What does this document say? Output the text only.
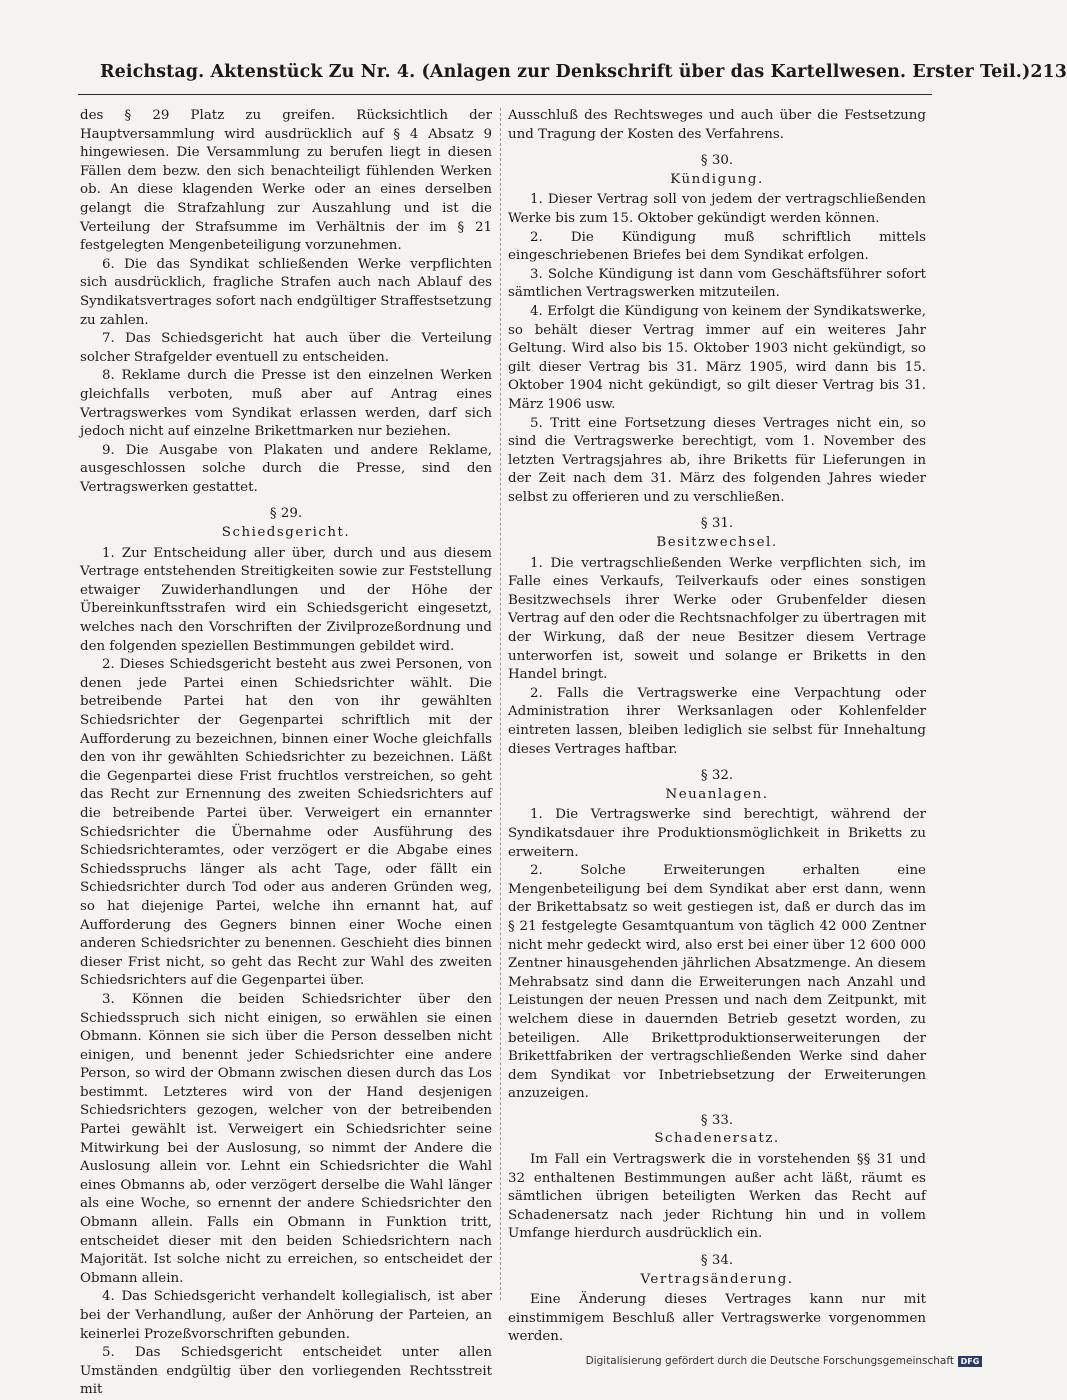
Reichstag. Aktenstück Zu Nr. 4. (Anlagen zur Denkschrift über das Kartellwesen. Erster Teil.) 213

des § 29 Platz zu greifen. Rücksichtlich der Hauptversammlung wird ausdrücklich auf § 4 Absatz 9 hingewiesen. Die Versammlung zu berufen liegt in diesen Fällen dem bezw. den sich benachteiligt fühlenden Werken ob. An diese klagenden Werke oder an eines derselben gelangt die Strafzahlung zur Auszahlung und ist die Verteilung der Strafsumme im Verhältnis der im § 21 festgelegten Mengenbeteiligung vorzunehmen.

6. Die das Syndikat schließenden Werke verpflichten sich ausdrücklich, fragliche Strafen auch nach Ablauf des Syndikatsvertrages sofort nach endgültiger Straffestsetzung zu zahlen.

7. Das Schiedsgericht hat auch über die Verteilung solcher Strafgelder eventuell zu entscheiden.

8. Reklame durch die Presse ist den einzelnen Werken gleichfalls verboten, muß aber auf Antrag eines Vertragswerkes vom Syndikat erlassen werden, darf sich jedoch nicht auf einzelne Brikettmarken nur beziehen.

9. Die Ausgabe von Plakaten und andere Reklame, ausgeschlossen solche durch die Presse, sind den Vertragswerken gestattet.

§ 29.
Schiedsgericht.

1. Zur Entscheidung aller über, durch und aus diesem Vertrage entstehenden Streitigkeiten sowie zur Feststellung etwaiger Zuwiderhandlungen und der Höhe der Übereinkunftsstrafen wird ein Schiedsgericht eingesetzt, welches nach den Vorschriften der Zivilprozeßordnung und den folgenden speziellen Bestimmungen gebildet wird.

2. Dieses Schiedsgericht besteht aus zwei Personen, von denen jede Partei einen Schiedsrichter wählt. Die betreibende Partei hat den von ihr gewählten Schiedsrichter der Gegenpartei schriftlich mit der Aufforderung zu bezeichnen, binnen einer Woche gleichfalls den von ihr gewählten Schiedsrichter zu bezeichnen. Läßt die Gegenpartei diese Frist fruchtlos verstreichen, so geht das Recht zur Ernennung des zweiten Schiedsrichters auf die betreibende Partei über. Verweigert ein ernannter Schiedsrichter die Übernahme oder Ausführung des Schiedsrichteramtes, oder verzögert er die Abgabe eines Schiedsspruchs länger als acht Tage, oder fällt ein Schiedsrichter durch Tod oder aus anderen Gründen weg, so hat diejenige Partei, welche ihn ernannt hat, auf Aufforderung des Gegners binnen einer Woche einen anderen Schiedsrichter zu benennen. Geschieht dies binnen dieser Frist nicht, so geht das Recht zur Wahl des zweiten Schiedsrichters auf die Gegenpartei über.

3. Können die beiden Schiedsrichter über den Schiedsspruch sich nicht einigen, so erwählen sie einen Obmann. Können sie sich über die Person desselben nicht einigen, und benennt jeder Schiedsrichter eine andere Person, so wird der Obmann zwischen diesen durch das Los bestimmt. Letzteres wird von der Hand desjenigen Schiedsrichters gezogen, welcher von der betreibenden Partei gewählt ist. Verweigert ein Schiedsrichter seine Mitwirkung bei der Auslosung, so nimmt der Andere die Auslosung allein vor. Lehnt ein Schiedsrichter die Wahl eines Obmanns ab, oder verzögert derselbe die Wahl länger als eine Woche, so ernennt der andere Schiedsrichter den Obmann allein. Falls ein Obmann in Funktion tritt, entscheidet dieser mit den beiden Schiedsrichtern nach Majorität. Ist solche nicht zu erreichen, so entscheidet der Obmann allein.

4. Das Schiedsgericht verhandelt kollegialisch, ist aber bei der Verhandlung, außer der Anhörung der Parteien, an keinerlei Prozeßvorschriften gebunden.

5. Das Schiedsgericht entscheidet unter allen Umständen endgültig über den vorliegenden Rechtsstreit mit

Ausschluß des Rechtsweges und auch über die Festsetzung und Tragung der Kosten des Verfahrens.

§ 30.
Kündigung.

1. Dieser Vertrag soll von jedem der vertragschließenden Werke bis zum 15. Oktober gekündigt werden können.

2. Die Kündigung muß schriftlich mittels eingeschriebenen Briefes bei dem Syndikat erfolgen.

3. Solche Kündigung ist dann vom Geschäftsführer sofort sämtlichen Vertragswerken mitzuteilen.

4. Erfolgt die Kündigung von keinem der Syndikatswerke, so behält dieser Vertrag immer auf ein weiteres Jahr Geltung. Wird also bis 15. Oktober 1903 nicht gekündigt, so gilt dieser Vertrag bis 31. März 1905, wird dann bis 15. Oktober 1904 nicht gekündigt, so gilt dieser Vertrag bis 31. März 1906 usw.

5. Tritt eine Fortsetzung dieses Vertrages nicht ein, so sind die Vertragswerke berechtigt, vom 1. November des letzten Vertragsjahres ab, ihre Briketts für Lieferungen in der Zeit nach dem 31. März des folgenden Jahres wieder selbst zu offerieren und zu verschließen.

§ 31.
Besitzwechsel.

1. Die vertragschließenden Werke verpflichten sich, im Falle eines Verkaufs, Teilverkaufs oder eines sonstigen Besitzwechsels ihrer Werke oder Grubenfelder diesen Vertrag auf den oder die Rechtsnachfolger zu übertragen mit der Wirkung, daß der neue Besitzer diesem Vertrage unterworfen ist, soweit und solange er Briketts in den Handel bringt.

2. Falls die Vertragswerke eine Verpachtung oder Administration ihrer Werksanlagen oder Kohlenfelder eintreten lassen, bleiben lediglich sie selbst für Innehaltung dieses Vertrages haftbar.

§ 32.
Neuanlagen.

1. Die Vertragswerke sind berechtigt, während der Syndikatsdauer ihre Produktionsmöglichkeit in Briketts zu erweitern.

2. Solche Erweiterungen erhalten eine Mengenbeteiligung bei dem Syndikat aber erst dann, wenn der Brikettabsatz so weit gestiegen ist, daß er durch das im § 21 festgelegte Gesamtquantum von täglich 42 000 Zentner nicht mehr gedeckt wird, also erst bei einer über 12 600 000 Zentner hinausgehenden jährlichen Absatzmenge. An diesem Mehrabsatz sind dann die Erweiterungen nach Anzahl und Leistungen der neuen Pressen und nach dem Zeitpunkt, mit welchem diese in dauernden Betrieb gesetzt worden, zu beteiligen. Alle Brikettproduktionserweiterungen der Brikettfabriken der vertragschließenden Werke sind daher dem Syndikat vor Inbetriebsetzung der Erweiterungen anzuzeigen.

§ 33.
Schadenersatz.

Im Fall ein Vertragswerk die in vorstehenden §§ 31 und 32 enthaltenen Bestimmungen außer acht läßt, räumt es sämtlichen übrigen beteiligten Werken das Recht auf Schadenersatz nach jeder Richtung hin und in vollem Umfange hierdurch ausdrücklich ein.

§ 34.
Vertragsänderung.

Eine Änderung dieses Vertrages kann nur mit einstimmigem Beschluß aller Vertragswerke vorgenommen werden.

Digitalisierung gefördert durch die Deutsche Forschungsgemeinschaft DFG
